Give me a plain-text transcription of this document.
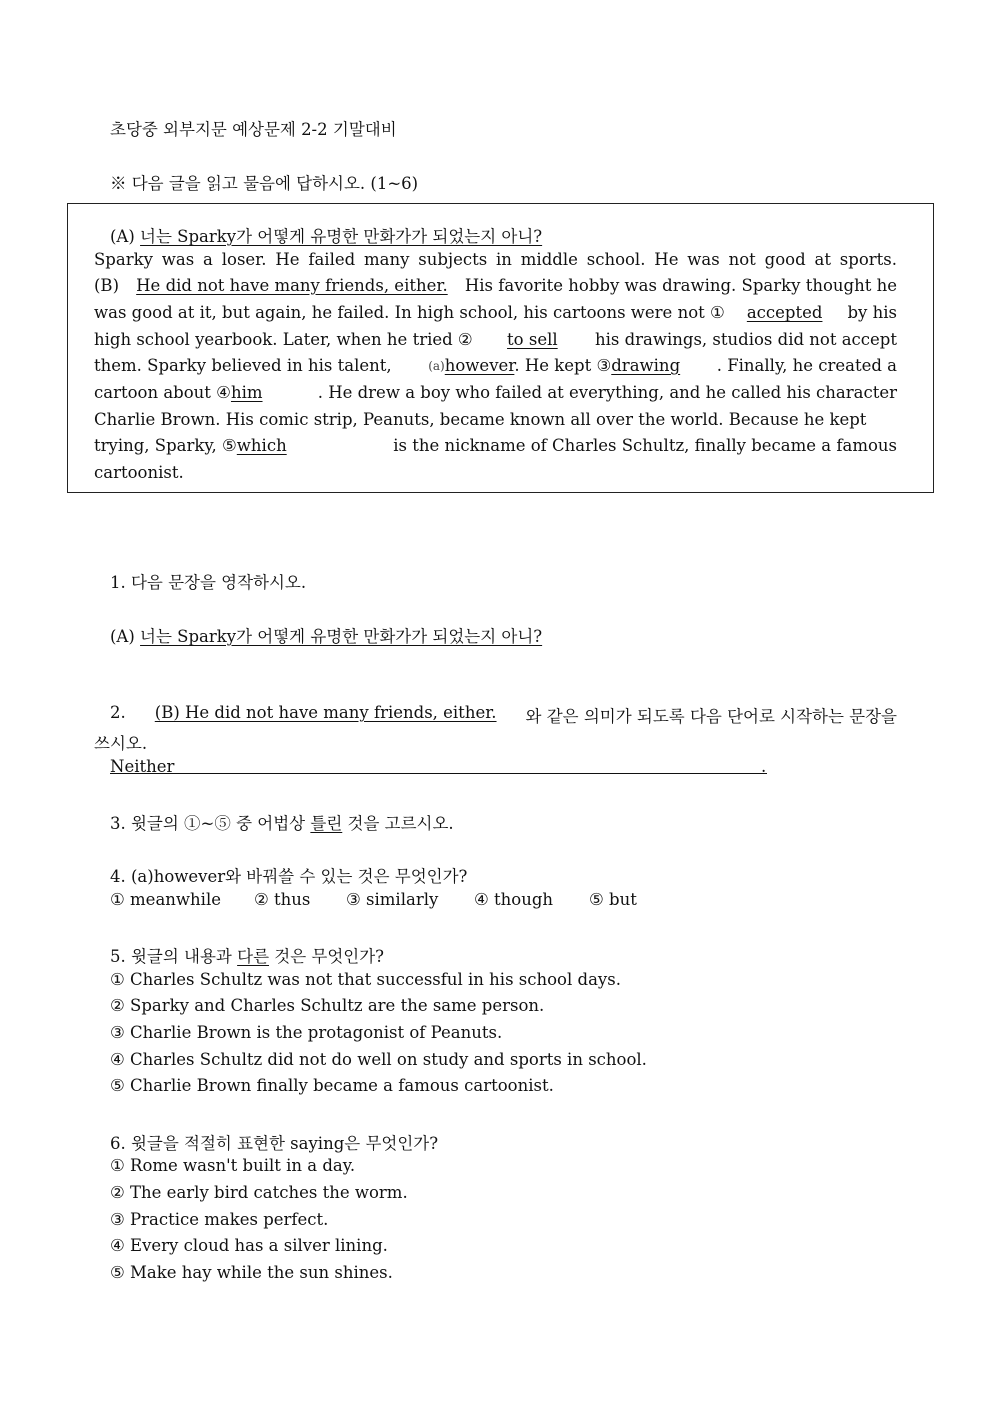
초당중 외부지문 예상문제 2-2 기말대비
※ 다음 글을 읽고 물음에 답하시오. (1~6)
(A) 너는 Sparky가 어떻게 유명한 만화가가 되었는지 아니?
Sparky was a loser. He failed many subjects in middle school. He was not good at sports.
(B) He did not have many friends, either. His favorite hobby was drawing. Sparky thought he
was good at it, but again, he failed. In high school, his cartoons were not ① accepted by his
high school yearbook. Later, when he tried ② to sell his drawings, studios did not accept
them. Sparky believed in his talent,	(a)however. He kept ③drawing . Finally, he created a
cartoon about ④him	. He drew a boy who failed at everything, and he called his character
Charlie Brown. His comic strip, Peanuts, became known all over the world. Because he kept
trying, Sparky, ⑤which	is the nickname of Charles Schultz, finally became a famous
cartoonist.
1. 다음 문장을 영작하시오.
(A) 너는 Sparky가 어떻게 유명한 만화가가 되었는지 아니?
2. (B) He did not have many friends, either. 와 같은 의미가 되도록 다음 단어로 시작하는 문장을
쓰시오.
Neither	.
3. 윗글의 ①~⑤ 중 어법상 틀린 것을 고르시오.
4. (a)however와 바꿔쓸 수 있는 것은 무엇인가?
① meanwhile ② thus ③ similarly ④ though ⑤ but
5. 윗글의 내용과 다른 것은 무엇인가?
① Charles Schultz was not that successful in his school days.
② Sparky and Charles Schultz are the same person.
③ Charlie Brown is the protagonist of Peanuts.
④ Charles Schultz did not do well on study and sports in school.
⑤ Charlie Brown finally became a famous cartoonist.
6. 윗글을 적절히 표현한 saying은 무엇인가?
① Rome wasn't built in a day.
② The early bird catches the worm.
③ Practice makes perfect.
④ Every cloud has a silver lining.
⑤ Make hay while the sun shines.
